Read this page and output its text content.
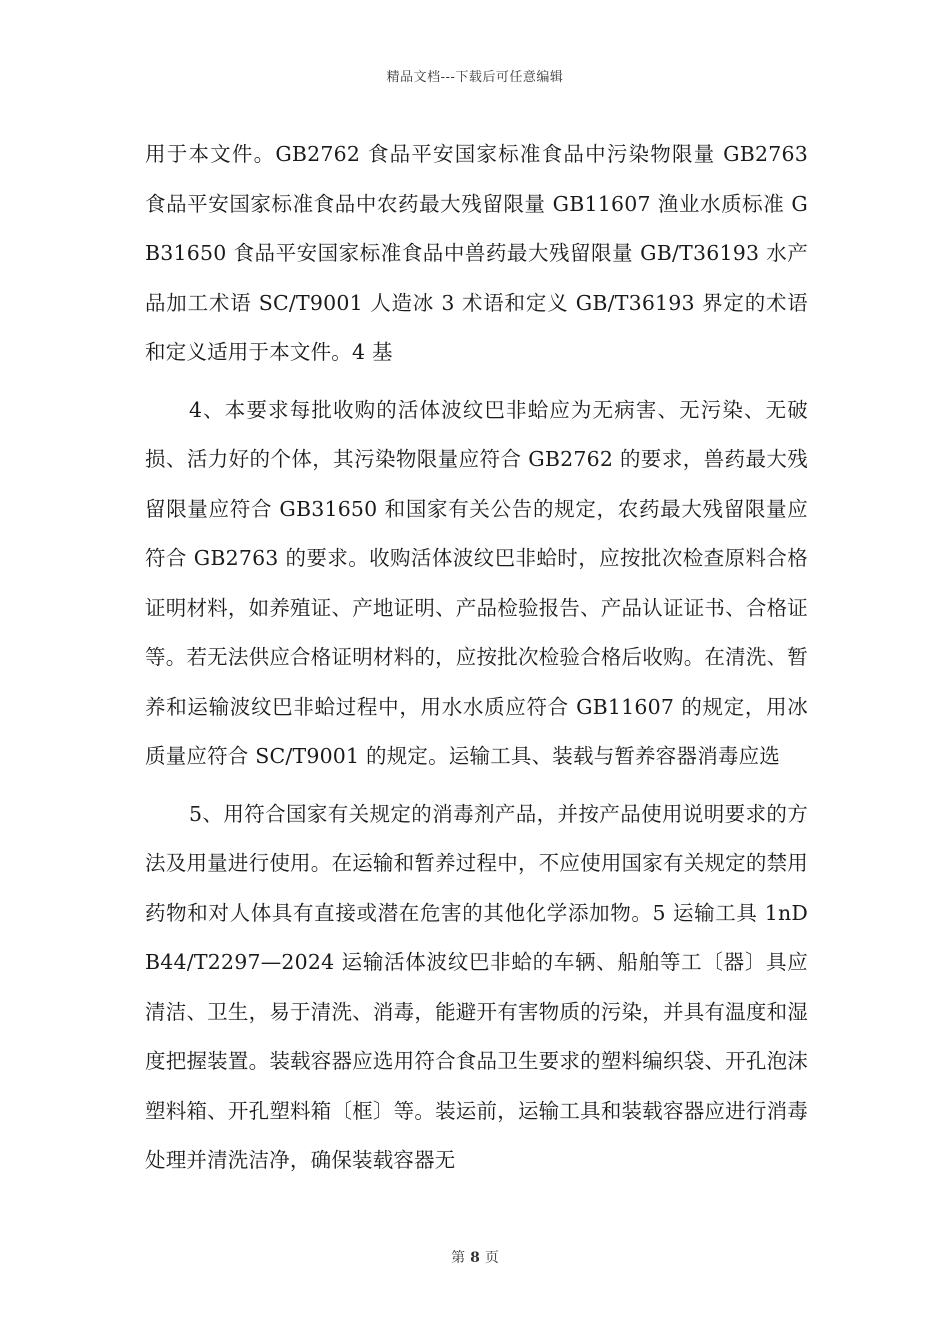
精品文档---下载后可任意编辑

用于本文件。GB2762 食品平安国家标准食品中污染物限量 GB2763 食品平安国家标准食品中农药最大残留限量 GB11607 渔业水质标准 GB31650 食品平安国家标准食品中兽药最大残留限量 GB/T36193 水产品加工术语 SC/T9001 人造冰 3 术语和定义 GB/T36193 界定的术语和定义适用于本文件。4 基

4、本要求每批收购的活体波纹巴非蛤应为无病害、无污染、无破损、活力好的个体，其污染物限量应符合 GB2762 的要求，兽药最大残留限量应符合 GB31650 和国家有关公告的规定，农药最大残留限量应符合 GB2763 的要求。收购活体波纹巴非蛤时，应按批次检查原料合格证明材料，如养殖证、产地证明、产品检验报告、产品认证证书、合格证等。若无法供应合格证明材料的，应按批次检验合格后收购。在清洗、暂养和运输波纹巴非蛤过程中，用水水质应符合 GB11607 的规定，用冰质量应符合 SC/T9001 的规定。运输工具、装载与暂养容器消毒应选

5、用符合国家有关规定的消毒剂产品，并按产品使用说明要求的方法及用量进行使用。在运输和暂养过程中，不应使用国家有关规定的禁用药物和对人体具有直接或潜在危害的其他化学添加物。5 运输工具 1nDB44/T2297—2024 运输活体波纹巴非蛤的车辆、船舶等工〔器〕具应清洁、卫生，易于清洗、消毒，能避开有害物质的污染，并具有温度和湿度把握装置。装载容器应选用符合食品卫生要求的塑料编织袋、开孔泡沫塑料箱、开孔塑料箱〔框〕等。装运前，运输工具和装载容器应进行消毒处理并清洗洁净，确保装载容器无

第 8 页
